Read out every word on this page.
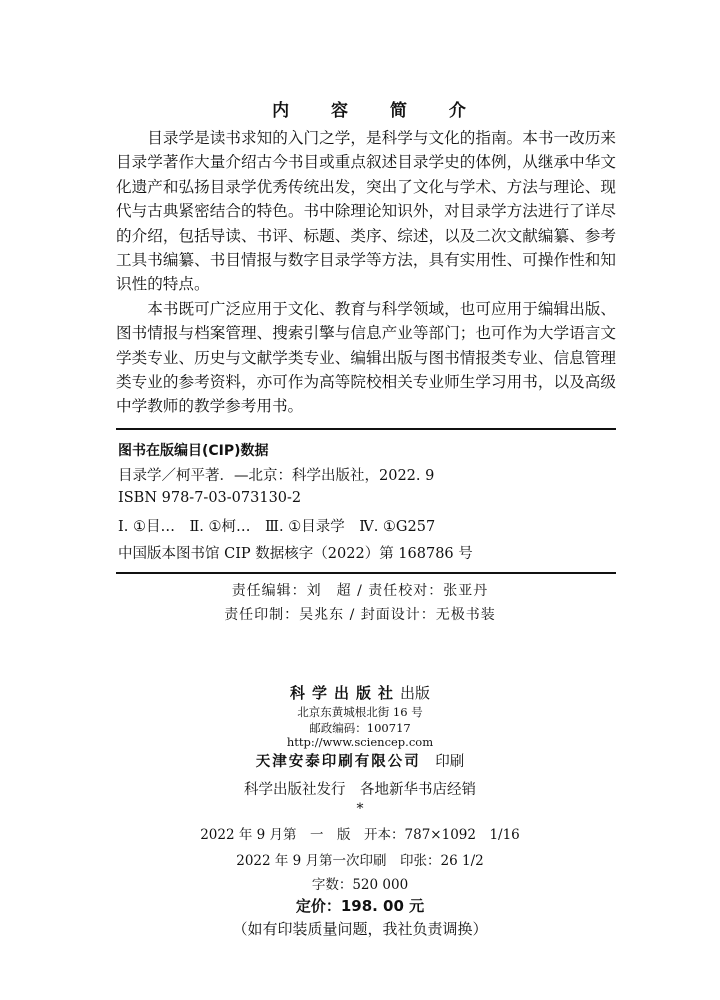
内 容 简 介

目录学是读书求知的入门之学，是科学与文化的指南。本书一改历来目录学著作大量介绍古今书目或重点叙述目录学史的体例，从继承中华文化遗产和弘扬目录学优秀传统出发，突出了文化与学术、方法与理论、现代与古典紧密结合的特色。书中除理论知识外，对目录学方法进行了详尽的介绍，包括导读、书评、标题、类序、综述，以及二次文献编纂、参考工具书编纂、书目情报与数字目录学等方法，具有实用性、可操作性和知识性的特点。

本书既可广泛应用于文化、教育与科学领域，也可应用于编辑出版、图书情报与档案管理、搜索引擎与信息产业等部门；也可作为大学语言文学类专业、历史与文献学类专业、编辑出版与图书情报类专业、信息管理类专业的参考资料，亦可作为高等院校相关专业师生学习用书，以及高级中学教师的教学参考用书。

图书在版编目(CIP)数据
目录学／柯平著．—北京：科学出版社，2022. 9
ISBN 978-7-03-073130-2
Ⅰ. ①目…　Ⅱ. ①柯…　Ⅲ. ①目录学　Ⅳ. ①G257
中国版本图书馆 CIP 数据核字（2022）第 168786 号
责任编辑：刘　超 / 责任校对：张亚丹
责任印制：吴兆东 / 封面设计：无极书装
科学出版社出版
北京东黄城根北街 16 号
邮政编码：100717
http://www.sciencep.com
天津安泰印刷有限公司　 印刷
科学出版社发行　各地新华书店经销
*
2022 年 9 月第　一　版　开本：787×1092　1/16
2022 年 9 月第一次印刷　印张：26 1/2
字数：520 000
定价：198. 00 元
（如有印装质量问题，我社负责调换）
